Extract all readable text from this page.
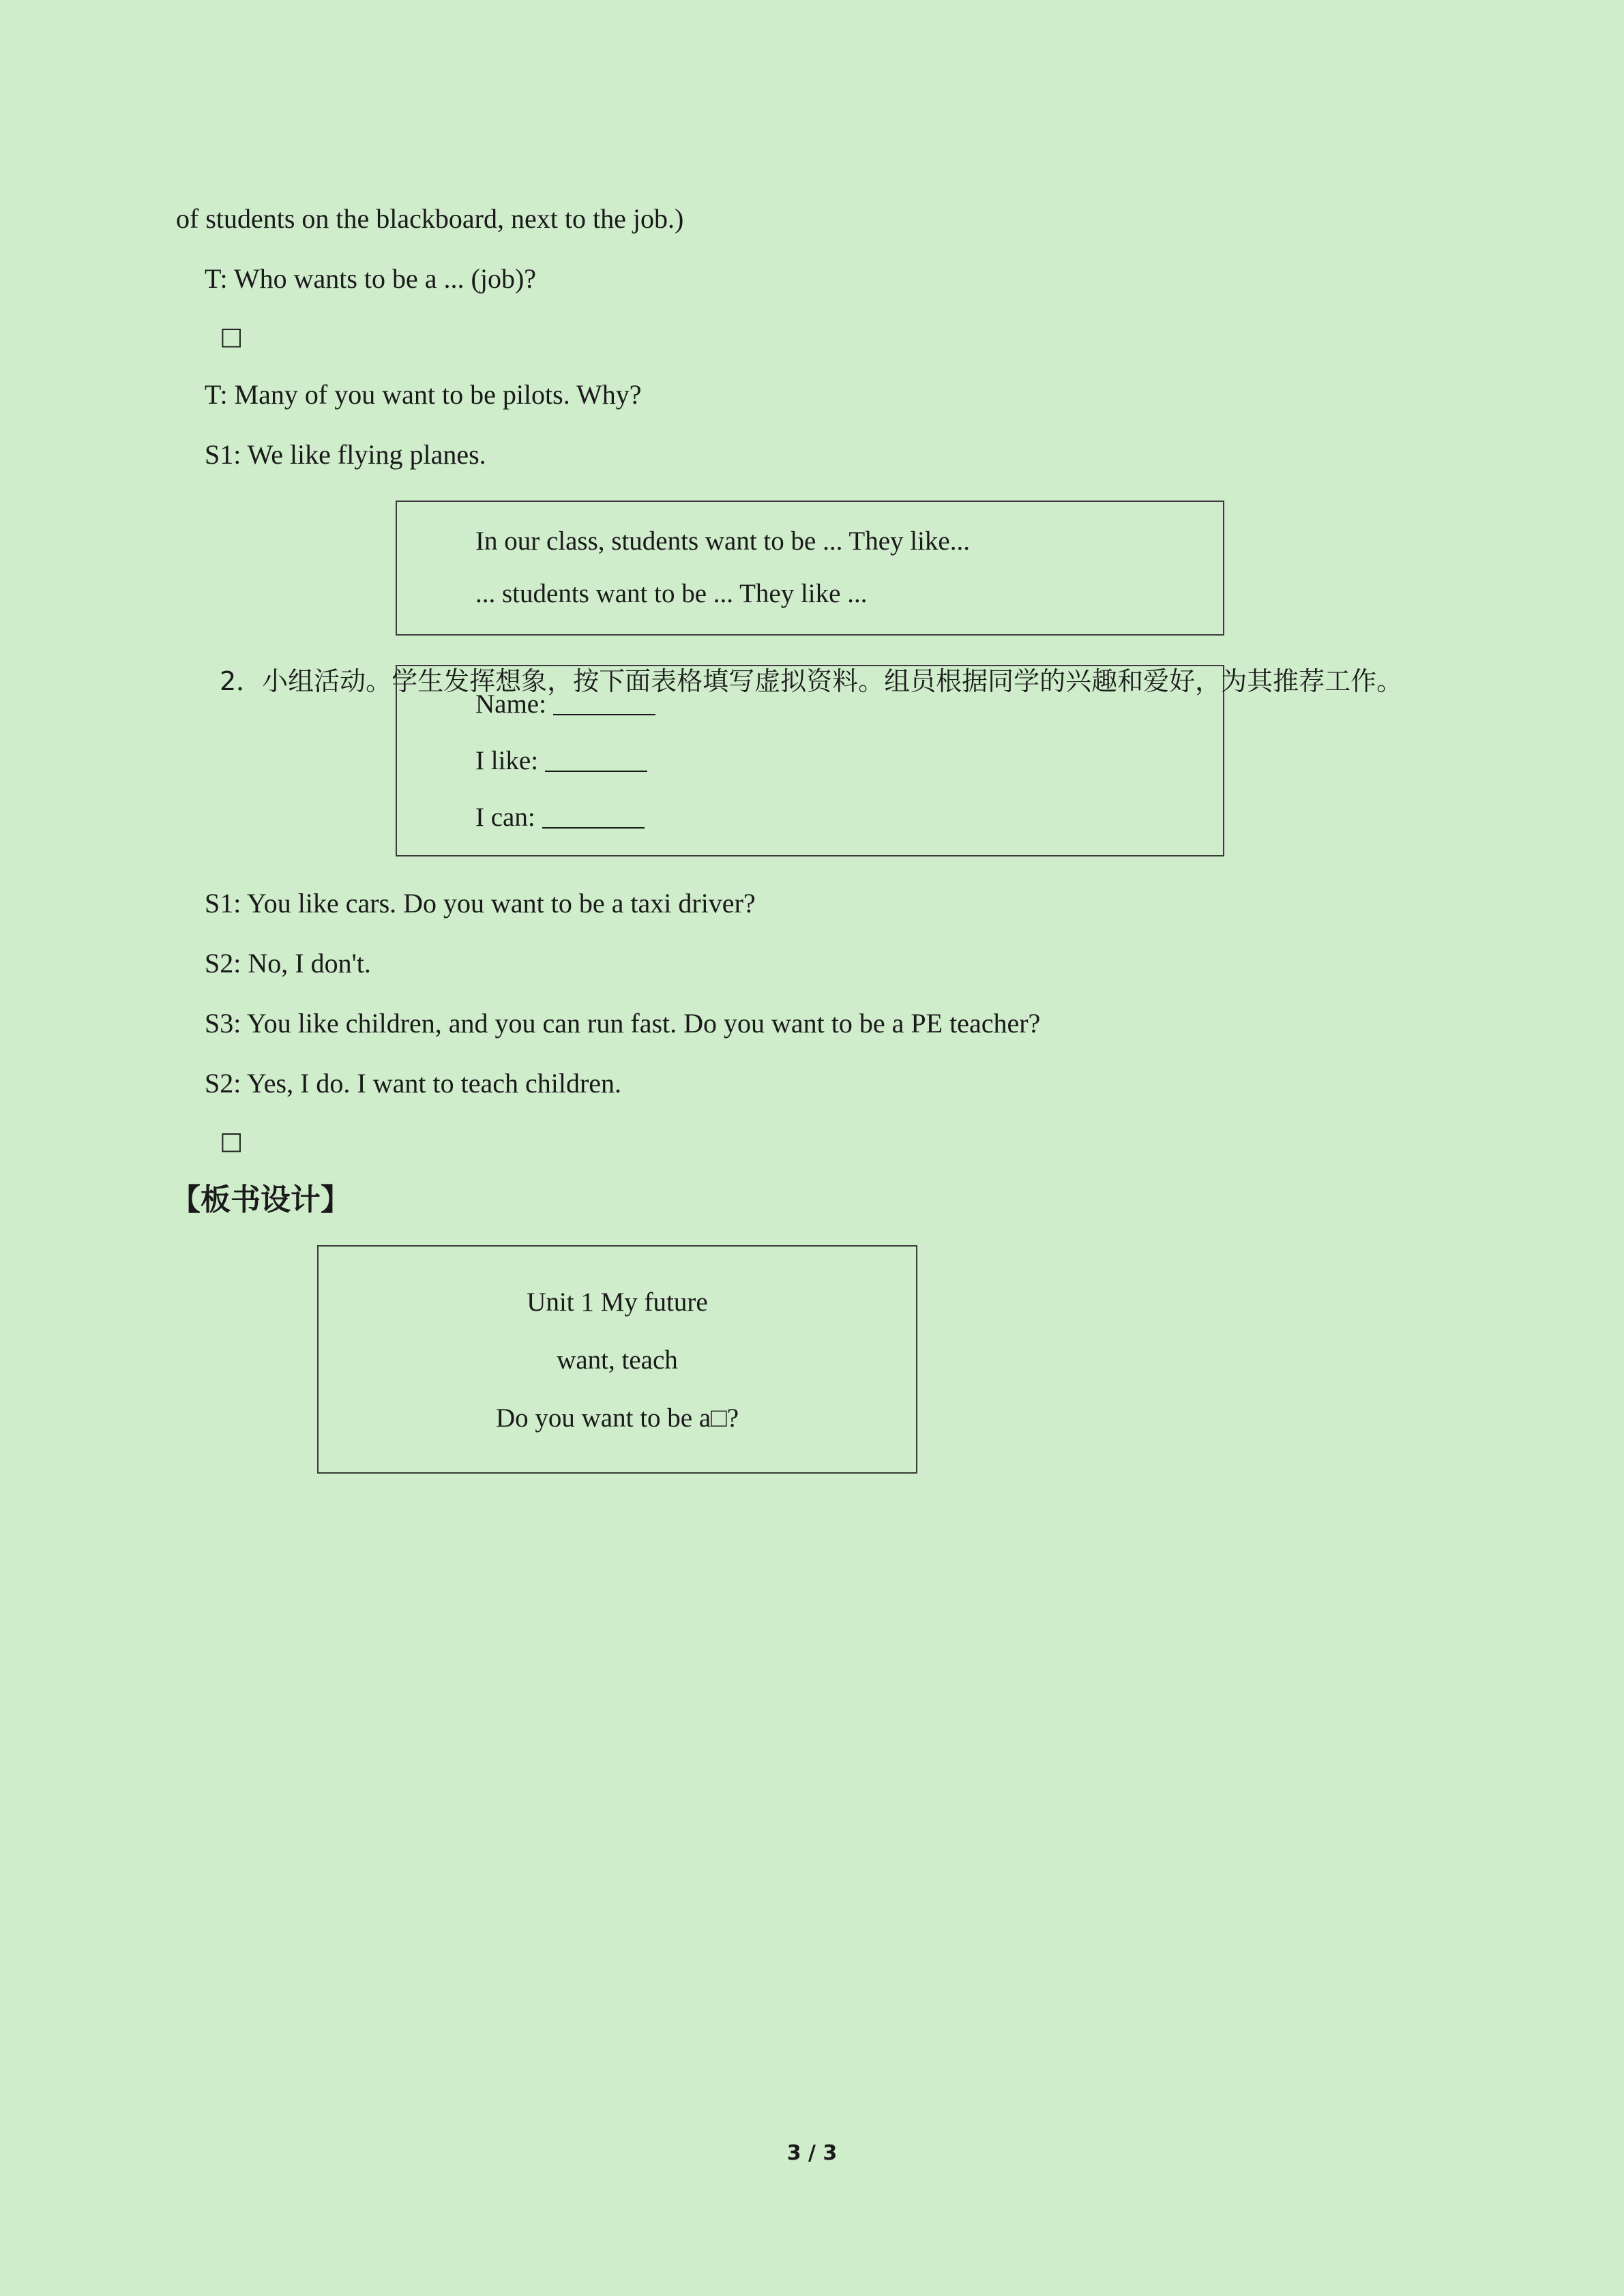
of students on the blackboard, next to the job.)

T: Who wants to be a ... (job)?

□

T: Many of you want to be pilots. Why?

S1: We like flying planes.

In our class, students want to be ... They like...

... students want to be ... They like ...

2．小组活动。学生发挥想象，按下面表格填写虚拟资料。组员根据同学的兴趣和爱好，为其推荐工作。

Name:

I like:

I can:

S1: You like cars. Do you want to be a taxi driver?

S2: No, I don't.

S3: You like children, and you can run fast. Do you want to be a PE teacher?

S2: Yes, I do. I want to teach children.

□

【板书设计】

Unit 1 My future

want, teach

Do you want to be a□?

3 / 3
